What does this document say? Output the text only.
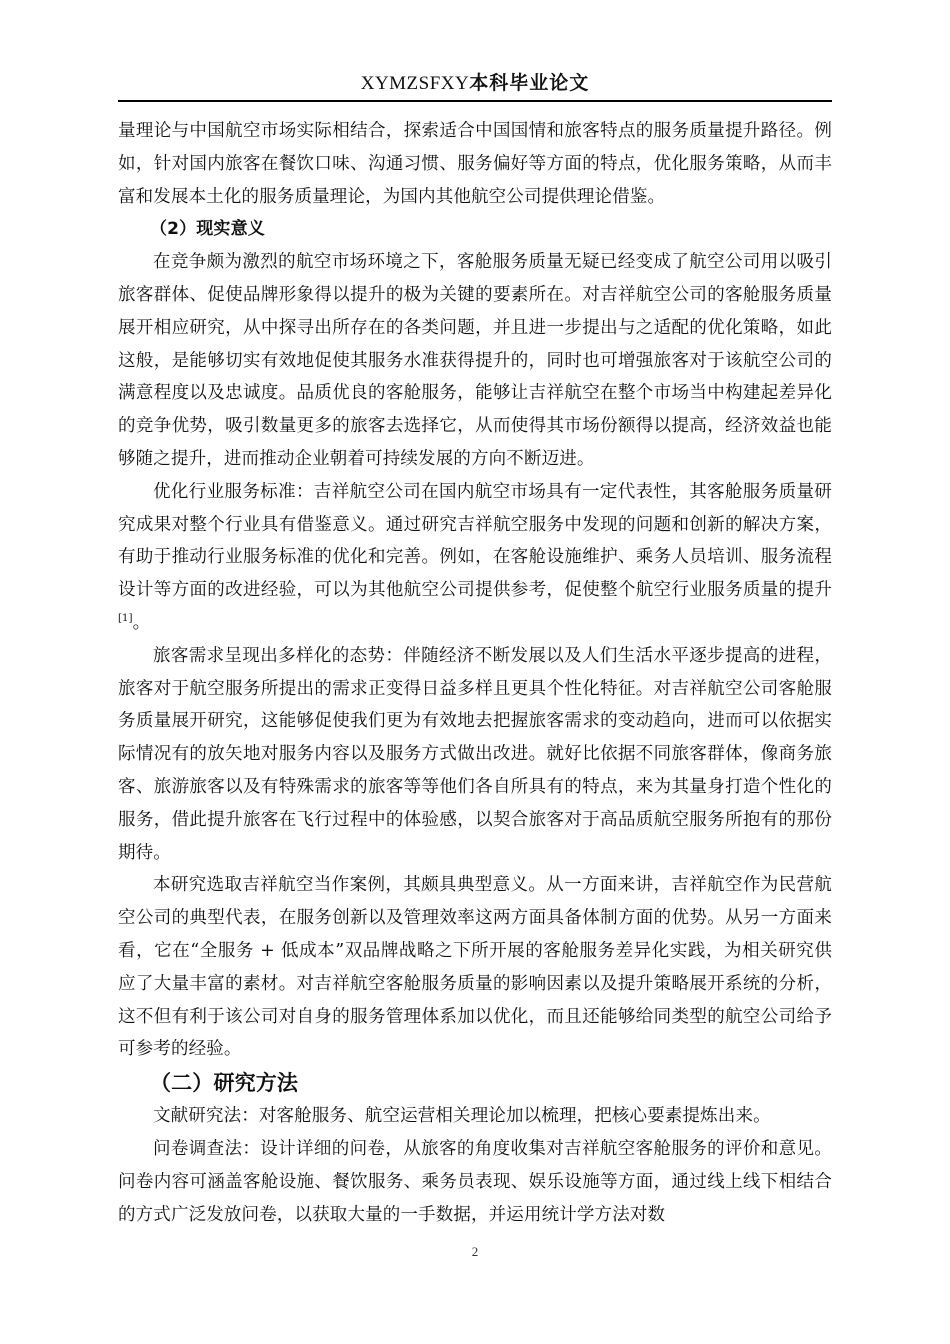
XYMZSFXY本科毕业论文

量理论与中国航空市场实际相结合，探索适合中国国情和旅客特点的服务质量提升路径。例如，针对国内旅客在餐饮口味、沟通习惯、服务偏好等方面的特点，优化服务策略，从而丰富和发展本土化的服务质量理论，为国内其他航空公司提供理论借鉴。

（2）现实意义

在竞争颇为激烈的航空市场环境之下，客舱服务质量无疑已经变成了航空公司用以吸引旅客群体、促使品牌形象得以提升的极为关键的要素所在。对吉祥航空公司的客舱服务质量展开相应研究，从中探寻出所存在的各类问题，并且进一步提出与之适配的优化策略，如此这般，是能够切实有效地促使其服务水准获得提升的，同时也可增强旅客对于该航空公司的满意程度以及忠诚度。品质优良的客舱服务，能够让吉祥航空在整个市场当中构建起差异化的竞争优势，吸引数量更多的旅客去选择它，从而使得其市场份额得以提高，经济效益也能够随之提升，进而推动企业朝着可持续发展的方向不断迈进。

优化行业服务标准：吉祥航空公司在国内航空市场具有一定代表性，其客舱服务质量研究成果对整个行业具有借鉴意义。通过研究吉祥航空服务中发现的问题和创新的解决方案，有助于推动行业服务标准的优化和完善。例如，在客舱设施维护、乘务人员培训、服务流程设计等方面的改进经验，可以为其他航空公司提供参考，促使整个航空行业服务质量的提升[1]。

旅客需求呈现出多样化的态势：伴随经济不断发展以及人们生活水平逐步提高的进程，旅客对于航空服务所提出的需求正变得日益多样且更具个性化特征。对吉祥航空公司客舱服务质量展开研究，这能够促使我们更为有效地去把握旅客需求的变动趋向，进而可以依据实际情况有的放矢地对服务内容以及服务方式做出改进。就好比依据不同旅客群体，像商务旅客、旅游旅客以及有特殊需求的旅客等等他们各自所具有的特点，来为其量身打造个性化的服务，借此提升旅客在飞行过程中的体验感，以契合旅客对于高品质航空服务所抱有的那份期待。

本研究选取吉祥航空当作案例，其颇具典型意义。从一方面来讲，吉祥航空作为民营航空公司的典型代表，在服务创新以及管理效率这两方面具备体制方面的优势。从另一方面来看，它在“全服务 + 低成本”双品牌战略之下所开展的客舱服务差异化实践，为相关研究供应了大量丰富的素材。对吉祥航空客舱服务质量的影响因素以及提升策略展开系统的分析，这不但有利于该公司对自身的服务管理体系加以优化，而且还能够给同类型的航空公司给予可参考的经验。

（二）研究方法

文献研究法：对客舱服务、航空运营相关理论加以梳理，把核心要素提炼出来。

问卷调查法：设计详细的问卷，从旅客的角度收集对吉祥航空客舱服务的评价和意见。问卷内容可涵盖客舱设施、餐饮服务、乘务员表现、娱乐设施等方面，通过线上线下相结合的方式广泛发放问卷，以获取大量的一手数据，并运用统计学方法对数

2
